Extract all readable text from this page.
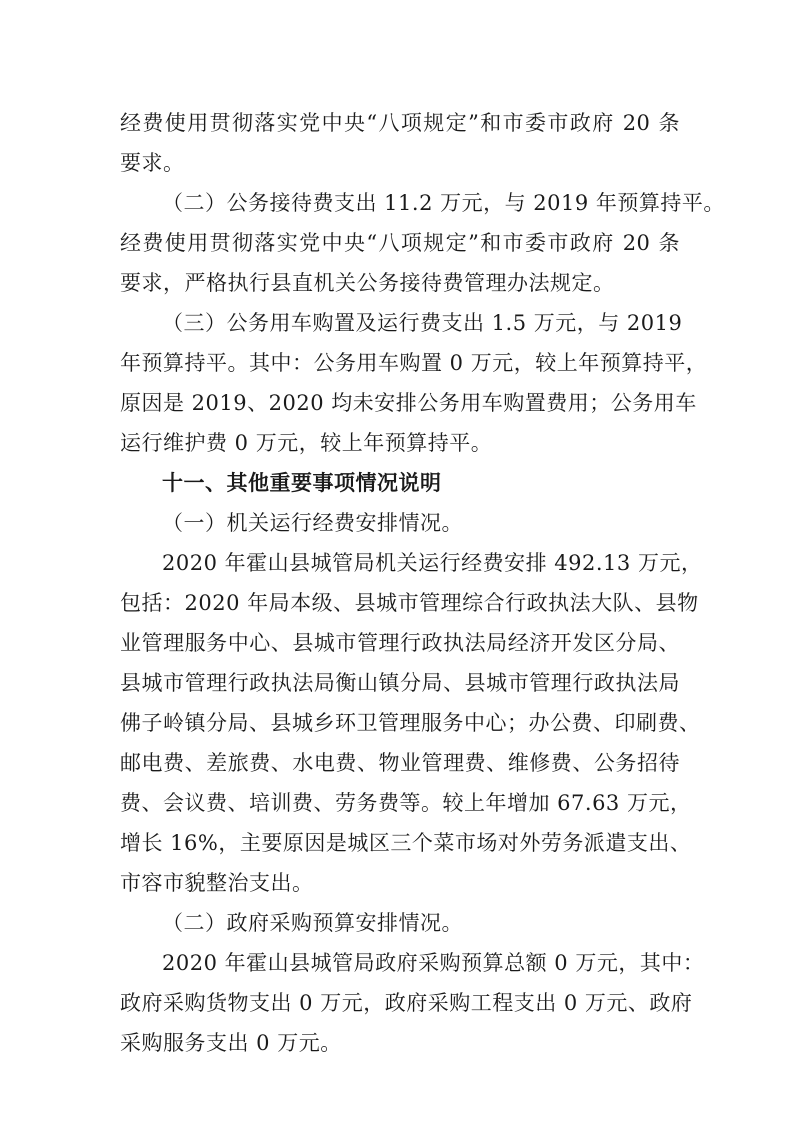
经费使用贯彻落实党中央“八项规定”和市委市政府 20 条
要求。
（二）公务接待费支出 11.2 万元，与 2019 年预算持平。
经费使用贯彻落实党中央“八项规定”和市委市政府 20 条
要求，严格执行县直机关公务接待费管理办法规定。
（三）公务用车购置及运行费支出 1.5 万元，与 2019
年预算持平。其中：公务用车购置 0 万元，较上年预算持平，
原因是 2019、2020 均未安排公务用车购置费用；公务用车
运行维护费 0 万元，较上年预算持平。
十一、其他重要事项情况说明
（一）机关运行经费安排情况。
2020 年霍山县城管局机关运行经费安排 492.13 万元，
包括：2020 年局本级、县城市管理综合行政执法大队、县物
业管理服务中心、县城市管理行政执法局经济开发区分局、
县城市管理行政执法局衡山镇分局、县城市管理行政执法局
佛子岭镇分局、县城乡环卫管理服务中心；办公费、印刷费、
邮电费、差旅费、水电费、物业管理费、维修费、公务招待
费、会议费、培训费、劳务费等。较上年增加 67.63 万元，
增长 16%，主要原因是城区三个菜市场对外劳务派遣支出、
市容市貌整治支出。
（二）政府采购预算安排情况。
2020 年霍山县城管局政府采购预算总额 0 万元，其中：
政府采购货物支出 0 万元，政府采购工程支出 0 万元、政府
采购服务支出 0 万元。
